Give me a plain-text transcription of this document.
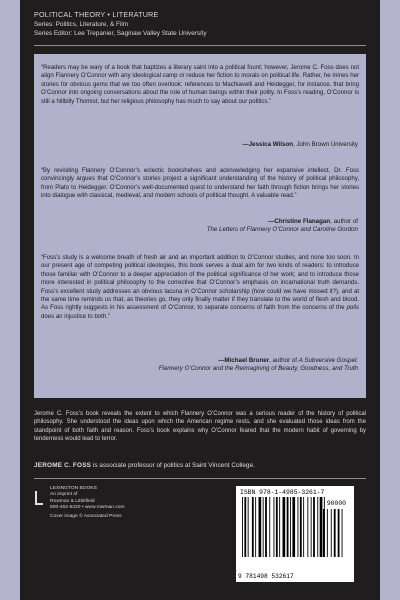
POLITICAL THEORY • LITERATURE
Series: Politics, Literature, & Film
Series Editor: Lee Trepanier, Saginaw Valley State University

“Readers may be wary of a book that baptizes a literary saint into a political fount; however, Jerome C. Foss does not align Flannery O’Connor with any ideological camp or reduce her fiction to morals on political life. Rather, he mines her stories for obvious gems that we too often overlook: references to Machiavelli and Heidegger, for instance, that bring O’Connor into ongoing conversations about the role of human beings within their polity. In Foss’s reading, O’Connor is still a hillbilly Thomist, but her religious philosophy has much to say about our politics.”

—Jessica Wilson, John Brown University

“By revisiting Flannery O’Connor’s eclectic bookshelves and acknowledging her expansive intellect, Dr. Foss convincingly argues that O’Connor’s stories project a significant understanding of the history of political philosophy, from Plato to Heidegger. O’Connor’s well-documented quest to understand her faith through fiction brings her stories into dialogue with classical, medieval, and modern schools of political thought. A valuable read.”

—Christine Flanagan, author of
The Letters of Flannery O’Connor and Caroline Gordon

“Foss’s study is a welcome breath of fresh air and an important addition to O’Connor studies, and none too soon. In our present age of competing political ideologies, this book serves a dual aim for two kinds of readers: to introduce those familiar with O’Connor to a deeper appreciation of the political significance of her work; and to introduce those more interested in political philosophy to the corrective that O’Connor’s emphasis on incarnational truth demands. Foss’s excellent study addresses an obvious lacuna in O’Connor scholarship (how could we have missed it?), and at the same time reminds us that, as theories go, they only finally matter if they translate to the world of flesh and blood. As Foss rightly suggests in his assessment of O’Connor, to separate concerns of faith from the concerns of the polis does an injustice to both.”

—Michael Bruner, author of A Subversive Gospel:
Flannery O’Connor and the Reimagining of Beauty, Goodness, and Truth
Jerome C. Foss’s book reveals the extent to which Flannery O’Connor was a serious reader of the history of political philosophy. She understood the ideas upon which the American regime rests, and she evaluated those ideas from the standpoint of both faith and reason. Foss’s book explains why O’Connor feared that the modern habit of governing by tenderness would lead to terror.
JEROME C. FOSS is associate professor of politics at Saint Vincent College.
LEXINGTON BOOKS
An imprint of
Rowman & Littlefield
800-462-6420 • www.rowman.com
Cover image © Associated Press
ISBN 978-1-4985-3261-7
90000
9 781498 532617
